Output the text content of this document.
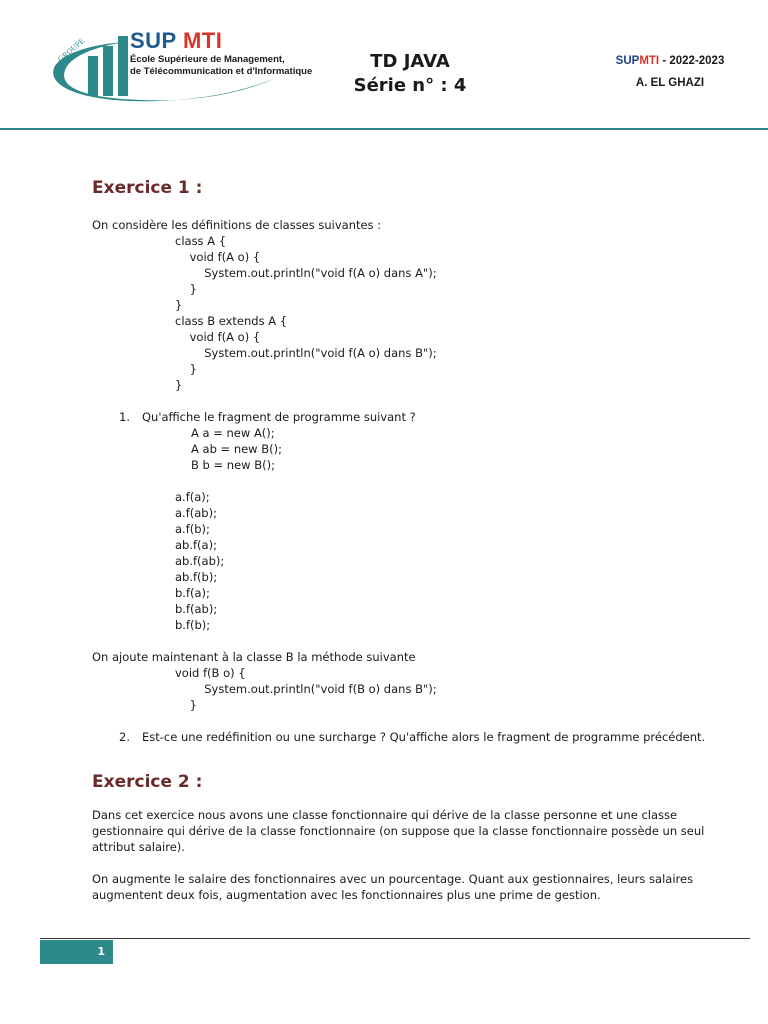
GROUPE SUP MTI
École Supérieure de Management,
de Télécommunication et d'Informatique	TD JAVA
Série n° : 4
SUPMTI - 2022-2023
A. EL GHAZI
Exercice 1 :

On considère les définitions de classes suivantes :

class A {
void f(A o) {
System.out.println("void f(A o) dans A");
}
}
class B extends A {
void f(A o) {
System.out.println("void f(A o) dans B");
}
}
1. Qu'affiche le fragment de programme suivant ?
A a = new A();
A ab = new B();
B b = new B();
a.f(a);
a.f(ab);
a.f(b);
ab.f(a);
ab.f(ab);
ab.f(b);
b.f(a);
b.f(ab);
b.f(b);

On ajoute maintenant à la classe B la méthode suivante

void f(B o) {
System.out.println("void f(B o) dans B");
}
2. Est-ce une redéfinition ou une surcharge ? Qu'affiche alors le fragment de programme précédent.
Exercice 2 :

Dans cet exercice nous avons une classe fonctionnaire qui dérive de la classe personne et une classe gestionnaire qui dérive de la classe fonctionnaire (on suppose que la classe fonctionnaire possède un seul attribut salaire).

On augmente le salaire des fonctionnaires avec un pourcentage. Quant aux gestionnaires, leurs salaires augmentent deux fois, augmentation avec les fonctionnaires plus une prime de gestion.

1
